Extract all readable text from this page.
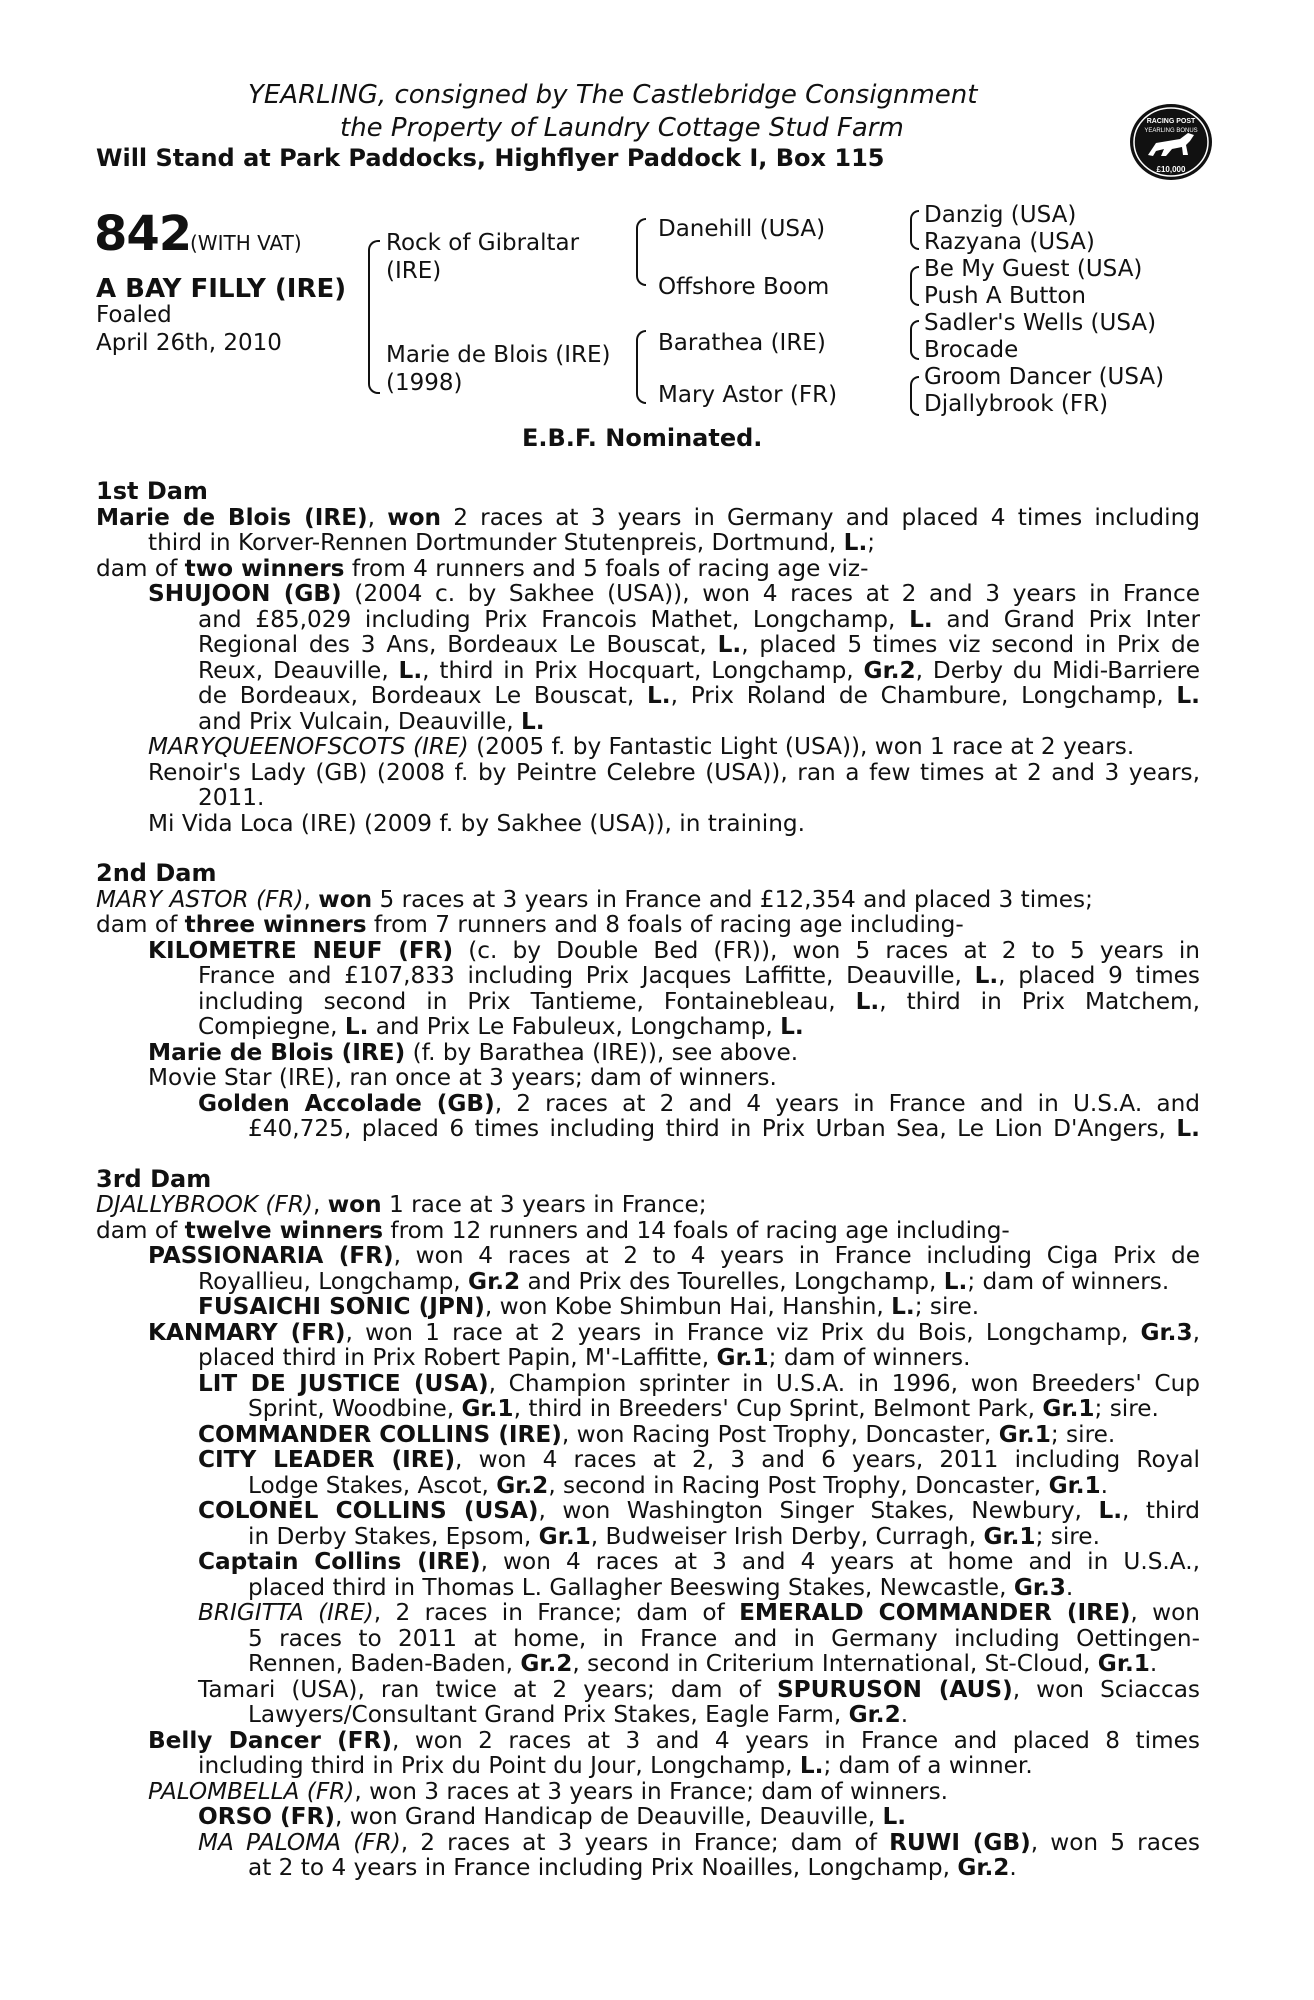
YEARLING, consigned by The Castlebridge Consignment
the Property of Laundry Cottage Stud Farm
Will Stand at Park Paddocks, Highflyer Paddock I, Box 115
RACING POST
YEARLING BONUS
£10,000
842
(WITH VAT)
A BAY FILLY (IRE)
Foaled
April 26th, 2010
Rock of Gibraltar
(IRE)
Marie de Blois (IRE)
(1998)
Danehill (USA)
Offshore Boom
Barathea (IRE)
Mary Astor (FR)
Danzig (USA)
Razyana (USA)
Be My Guest (USA)
Push A Button
Sadler's Wells (USA)
Brocade
Groom Dancer (USA)
Djallybrook (FR)
E.B.F. Nominated.
1st Dam
Marie de Blois (IRE), won 2 races at 3 years in Germany and placed 4 times including
third in Korver-Rennen Dortmunder Stutenpreis, Dortmund, L.;
dam of two winners from 4 runners and 5 foals of racing age viz-
SHUJOON (GB) (2004 c. by Sakhee (USA)), won 4 races at 2 and 3 years in France
and £85,029 including Prix Francois Mathet, Longchamp, L. and Grand Prix Inter
Regional des 3 Ans, Bordeaux Le Bouscat, L., placed 5 times viz second in Prix de
Reux, Deauville, L., third in Prix Hocquart, Longchamp, Gr.2, Derby du Midi-Barriere
de Bordeaux, Bordeaux Le Bouscat, L., Prix Roland de Chambure, Longchamp, L.
and Prix Vulcain, Deauville, L.
MARYQUEENOFSCOTS (IRE) (2005 f. by Fantastic Light (USA)), won 1 race at 2 years.
Renoir's Lady (GB) (2008 f. by Peintre Celebre (USA)), ran a few times at 2 and 3 years,
2011.
Mi Vida Loca (IRE) (2009 f. by Sakhee (USA)), in training.
2nd Dam
MARY ASTOR (FR), won 5 races at 3 years in France and £12,354 and placed 3 times;
dam of three winners from 7 runners and 8 foals of racing age including-
KILOMETRE NEUF (FR) (c. by Double Bed (FR)), won 5 races at 2 to 5 years in
France and £107,833 including Prix Jacques Laffitte, Deauville, L., placed 9 times
including second in Prix Tantieme, Fontainebleau, L., third in Prix Matchem,
Compiegne, L. and Prix Le Fabuleux, Longchamp, L.
Marie de Blois (IRE) (f. by Barathea (IRE)), see above.
Movie Star (IRE), ran once at 3 years; dam of winners.
Golden Accolade (GB), 2 races at 2 and 4 years in France and in U.S.A. and
£40,725, placed 6 times including third in Prix Urban Sea, Le Lion D'Angers, L.
3rd Dam
DJALLYBROOK (FR), won 1 race at 3 years in France;
dam of twelve winners from 12 runners and 14 foals of racing age including-
PASSIONARIA (FR), won 4 races at 2 to 4 years in France including Ciga Prix de
Royallieu, Longchamp, Gr.2 and Prix des Tourelles, Longchamp, L.; dam of winners.
FUSAICHI SONIC (JPN), won Kobe Shimbun Hai, Hanshin, L.; sire.
KANMARY (FR), won 1 race at 2 years in France viz Prix du Bois, Longchamp, Gr.3,
placed third in Prix Robert Papin, M'-Laffitte, Gr.1; dam of winners.
LIT DE JUSTICE (USA), Champion sprinter in U.S.A. in 1996, won Breeders' Cup
Sprint, Woodbine, Gr.1, third in Breeders' Cup Sprint, Belmont Park, Gr.1; sire.
COMMANDER COLLINS (IRE), won Racing Post Trophy, Doncaster, Gr.1; sire.
CITY LEADER (IRE), won 4 races at 2, 3 and 6 years, 2011 including Royal
Lodge Stakes, Ascot, Gr.2, second in Racing Post Trophy, Doncaster, Gr.1.
COLONEL COLLINS (USA), won Washington Singer Stakes, Newbury, L., third
in Derby Stakes, Epsom, Gr.1, Budweiser Irish Derby, Curragh, Gr.1; sire.
Captain Collins (IRE), won 4 races at 3 and 4 years at home and in U.S.A.,
placed third in Thomas L. Gallagher Beeswing Stakes, Newcastle, Gr.3.
BRIGITTA (IRE), 2 races in France; dam of EMERALD COMMANDER (IRE), won
5 races to 2011 at home, in France and in Germany including Oettingen-
Rennen, Baden-Baden, Gr.2, second in Criterium International, St-Cloud, Gr.1.
Tamari (USA), ran twice at 2 years; dam of SPURUSON (AUS), won Sciaccas
Lawyers/Consultant Grand Prix Stakes, Eagle Farm, Gr.2.
Belly Dancer (FR), won 2 races at 3 and 4 years in France and placed 8 times
including third in Prix du Point du Jour, Longchamp, L.; dam of a winner.
PALOMBELLA (FR), won 3 races at 3 years in France; dam of winners.
ORSO (FR), won Grand Handicap de Deauville, Deauville, L.
MA PALOMA (FR), 2 races at 3 years in France; dam of RUWI (GB), won 5 races
at 2 to 4 years in France including Prix Noailles, Longchamp, Gr.2.
